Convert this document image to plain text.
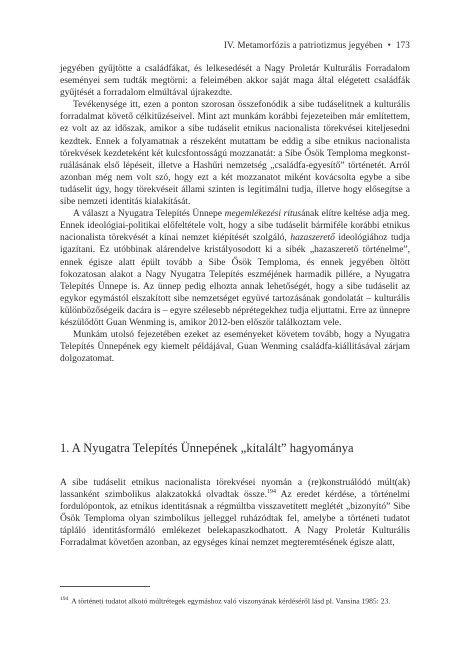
IV. Metamorfózis a patriotizmus jegyében • 173

jegyében gyűjtötte a családfákat, és lelkesedését a Nagy Proletár Kulturális Forradalom eseményei sem tudták megtörni: a feleimében akkor saját maga által elégetett családfák gyűjtését a forradalom elmúltával újrakezdte.

Tevékenysége itt, ezen a ponton szorosan összefonódik a sibe tudáselitnek a kulturális forradalmat követő célkitűzéseivel. Mint azt munkám korábbi fejezeteiben már említettem, ez volt az az időszak, amikor a sibe tudáselit etnikus nacionalista törekvései kiteljesedni kezdtek. Ennek a folyamatnak a részeként mutattam be eddig a sibe etnikus nacionalista törekvések kezdeteként két kulcsfontosságú mozzanatát: a Sibe Ősök Temploma megkonstruálásának első lépéseit, illetve a Hashűri nemzetség „családfa-egyesítő” történetét. Arról azonban még nem volt szó, hogy ezt a két mozzanatot miként kovácsolta egybe a sibe tudáselit úgy, hogy törekvéseit állami szinten is legitimálni tudja, illetve hogy elősegítse a sibe nemzeti identitás kialakítását.

A választ a Nyugatra Telepítés Ünnepe megemlékezési rítusának elítre keltése adja meg. Ennek ideológiai-politikai előfeltétele volt, hogy a sibe tudáselit bármiféle korábbi etnikus nacionalista törekvését a kínai nemzet kiépítését szolgáló, hazaszerető ideológiához tudja igazítani. Ez utóbbinak alárendelve kristályosodott ki a sibék „hazaszerető történelme”, ennek égisze alatt épült tovább a Sibe Ősök Temploma, és ennek jegyében öltött fokozatosan alakot a Nagy Nyugatra Telepítés eszméjének harmadik pillére, a Nyugatra Telepítés Ünnepe is. Az ünnep pedig elhozta annak lehetőségét, hogy a sibe tudáselit az egykor egymástól elszakított sibe nemzetséget együvé tartozásának gondolatát – kulturális különbözőségeik dacára is – egyre szélesebb néprétegekhez tudja eljuttatni. Erre az ünnepre készülődött Guan Wenming is, amikor 2012-ben először találkoztam vele.

Munkám utolsó fejezetében ezeket az eseményeket követem tovább, hogy a Nyugatra Telepítés Ünnepének egy kiemelt példájával, Guan Wenming családfa-kiállításával zárjam dolgozatomat.

1. A Nyugatra Telepítés Ünnepének „kitalált” hagyománya

A sibe tudáselit etnikus nacionalista törekvései nyomán a (re)konstruálódó múlt(ak) lassanként szimbolikus alakzatokká olvadtak össze.$^{194}$ Az eredet kérdése, a történelmi fordulópontok, az etnikus identitásnak a régmúltba visszavetített meglétét „bizonyító” Sibe Ősök Temploma olyan szimbolikus jelleggel ruházódtak fel, amelybe a történeti tudatot tápláló identitásformáló emlékezet belekapaszkodhatott. A Nagy Proletár Kulturális Forradalmat követően azonban, az egységes kínai nemzet megteremtésének égisze alatt,

$^{194}$ A történeti tudatot alkotó múltrétegek egymáshoz való viszonyának kérdéséről lásd pl. Vansina 1985: 23.
